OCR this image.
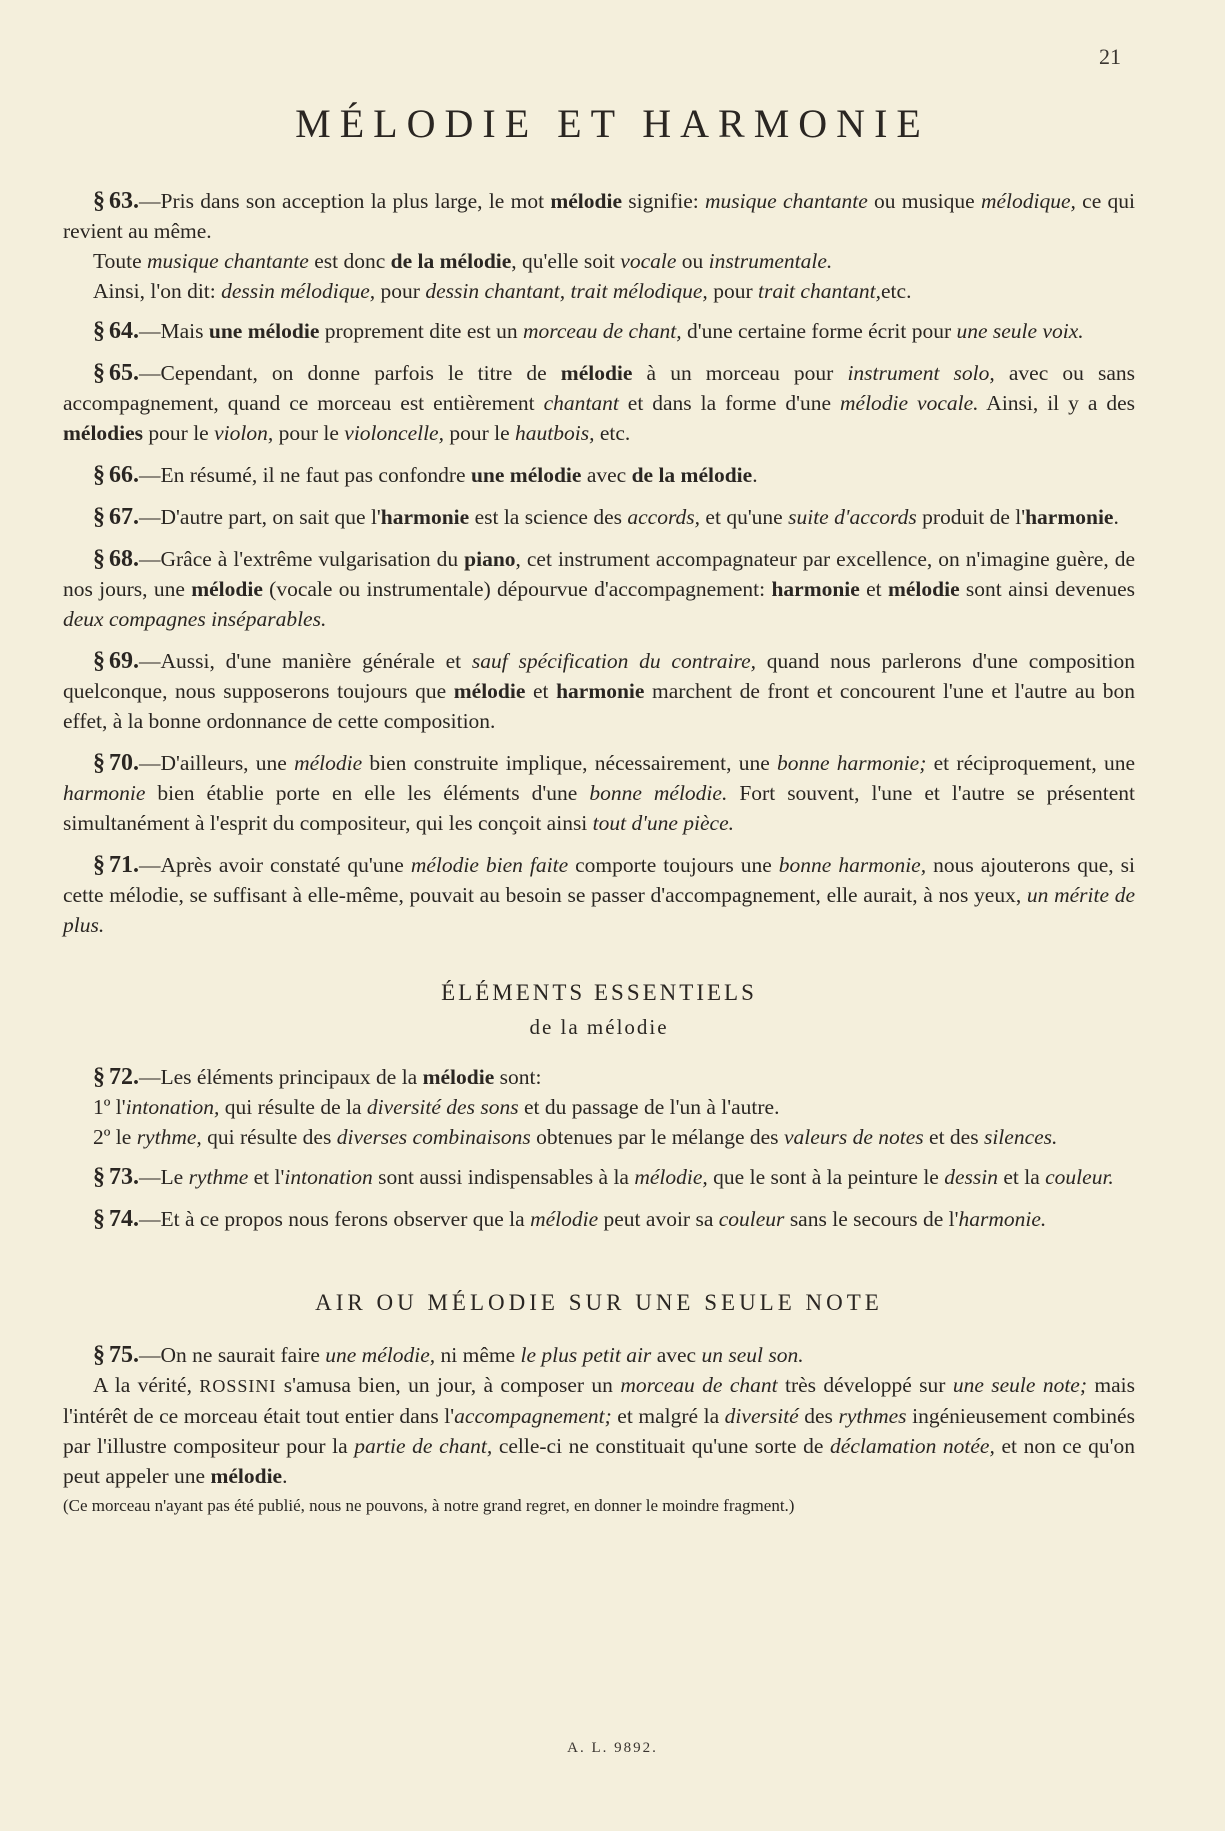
21
MÉLODIE ET HARMONIE

§ 63.—Pris dans son acception la plus large, le mot mélodie signifie: musique chantante ou musique mélodique, ce qui revient au même.

Toute musique chantante est donc de la mélodie, qu'elle soit vocale ou instrumentale.

Ainsi, l'on dit: dessin mélodique, pour dessin chantant, trait mélodique, pour trait chantant,etc.

§ 64.—Mais une mélodie proprement dite est un morceau de chant, d'une certaine forme écrit pour une seule voix.

§ 65.—Cependant, on donne parfois le titre de mélodie à un morceau pour instrument solo, avec ou sans accompagnement, quand ce morceau est entièrement chantant et dans la forme d'une mélodie vocale. Ainsi, il y a des mélodies pour le violon, pour le violoncelle, pour le hautbois, etc.

§ 66.—En résumé, il ne faut pas confondre une mélodie avec de la mélodie.

§ 67.—D'autre part, on sait que l'harmonie est la science des accords, et qu'une suite d'accords produit de l'harmonie.

§ 68.—Grâce à l'extrême vulgarisation du piano, cet instrument accompagnateur par excellence, on n'imagine guère, de nos jours, une mélodie (vocale ou instrumentale) dépourvue d'accompagnement: harmonie et mélodie sont ainsi devenues deux compagnes inséparables.

§ 69.—Aussi, d'une manière générale et sauf spécification du contraire, quand nous parlerons d'une composition quelconque, nous supposerons toujours que mélodie et harmonie marchent de front et concourent l'une et l'autre au bon effet, à la bonne ordonnance de cette composition.

§ 70.—D'ailleurs, une mélodie bien construite implique, nécessairement, une bonne harmonie; et réciproquement, une harmonie bien établie porte en elle les éléments d'une bonne mélodie. Fort souvent, l'une et l'autre se présentent simultanément à l'esprit du compositeur, qui les conçoit ainsi tout d'une pièce.

§ 71.—Après avoir constaté qu'une mélodie bien faite comporte toujours une bonne harmonie, nous ajouterons que, si cette mélodie, se suffisant à elle-même, pouvait au besoin se passer d'accompagnement, elle aurait, à nos yeux, un mérite de plus.

ÉLÉMENTS ESSENTIELS

de la mélodie

§ 72.—Les éléments principaux de la mélodie sont:

1º l'intonation, qui résulte de la diversité des sons et du passage de l'un à l'autre.

2º le rythme, qui résulte des diverses combinaisons obtenues par le mélange des valeurs de notes et des silences.

§ 73.—Le rythme et l'intonation sont aussi indispensables à la mélodie, que le sont à la peinture le dessin et la couleur.

§ 74.—Et à ce propos nous ferons observer que la mélodie peut avoir sa couleur sans le secours de l'harmonie.

AIR OU MÉLODIE SUR UNE SEULE NOTE

§ 75.—On ne saurait faire une mélodie, ni même le plus petit air avec un seul son.

A la vérité, ROSSINI s'amusa bien, un jour, à composer un morceau de chant très développé sur une seule note; mais l'intérêt de ce morceau était tout entier dans l'accompagnement; et malgré la diversité des rythmes ingénieusement combinés par l'illustre compositeur pour la partie de chant, celle-ci ne constituait qu'une sorte de déclamation notée, et non ce qu'on peut appeler une mélodie.

(Ce morceau n'ayant pas été publié, nous ne pouvons, à notre grand regret, en donner le moindre fragment.)

A. L. 9892.
